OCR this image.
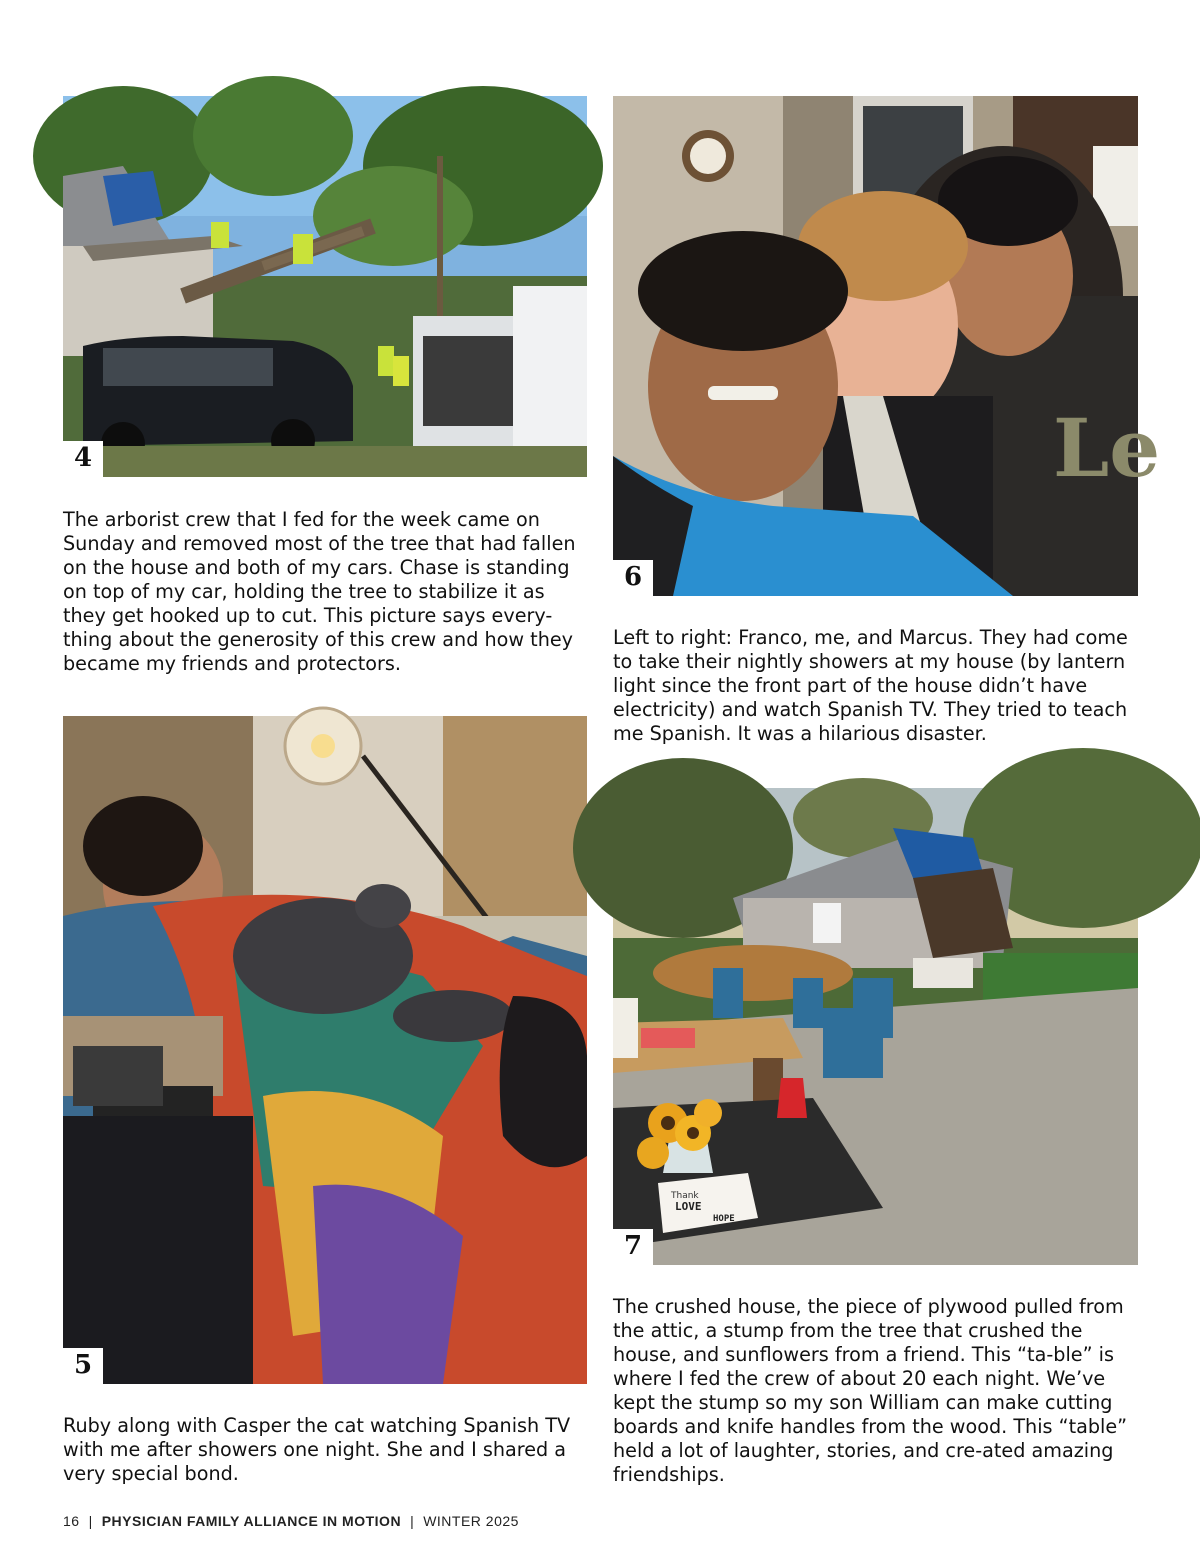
4

The arborist crew that I fed for the week came on Sunday and removed most of the tree that had fallen on the house and both of my cars. Chase is standing on top of my car, holding the tree to stabilize it as they get hooked up to cut. This picture says every-thing about the generosity of this crew and how they became my friends and protectors.

Le
6

Left to right: Franco, me, and Marcus. They had come to take their nightly showers at my house (by lantern light since the front part of the house didn’t have electricity) and watch Spanish TV. They tried to teach me Spanish. It was a hilarious disaster.

5

Ruby along with Casper the cat watching Spanish TV with me after showers one night. She and I shared a very special bond.

Thank
LOVE
HOPE
7

The crushed house, the piece of plywood pulled from the attic, a stump from the tree that crushed the house, and sunflowers from a friend. This “ta-ble” is where I fed the crew of about 20 each night. We’ve kept the stump so my son William can make cutting boards and knife handles from the wood. This “table” held a lot of laughter, stories, and cre-ated amazing friendships.

16 | PHYSICIAN FAMILY ALLIANCE IN MOTION | WINTER 2025
